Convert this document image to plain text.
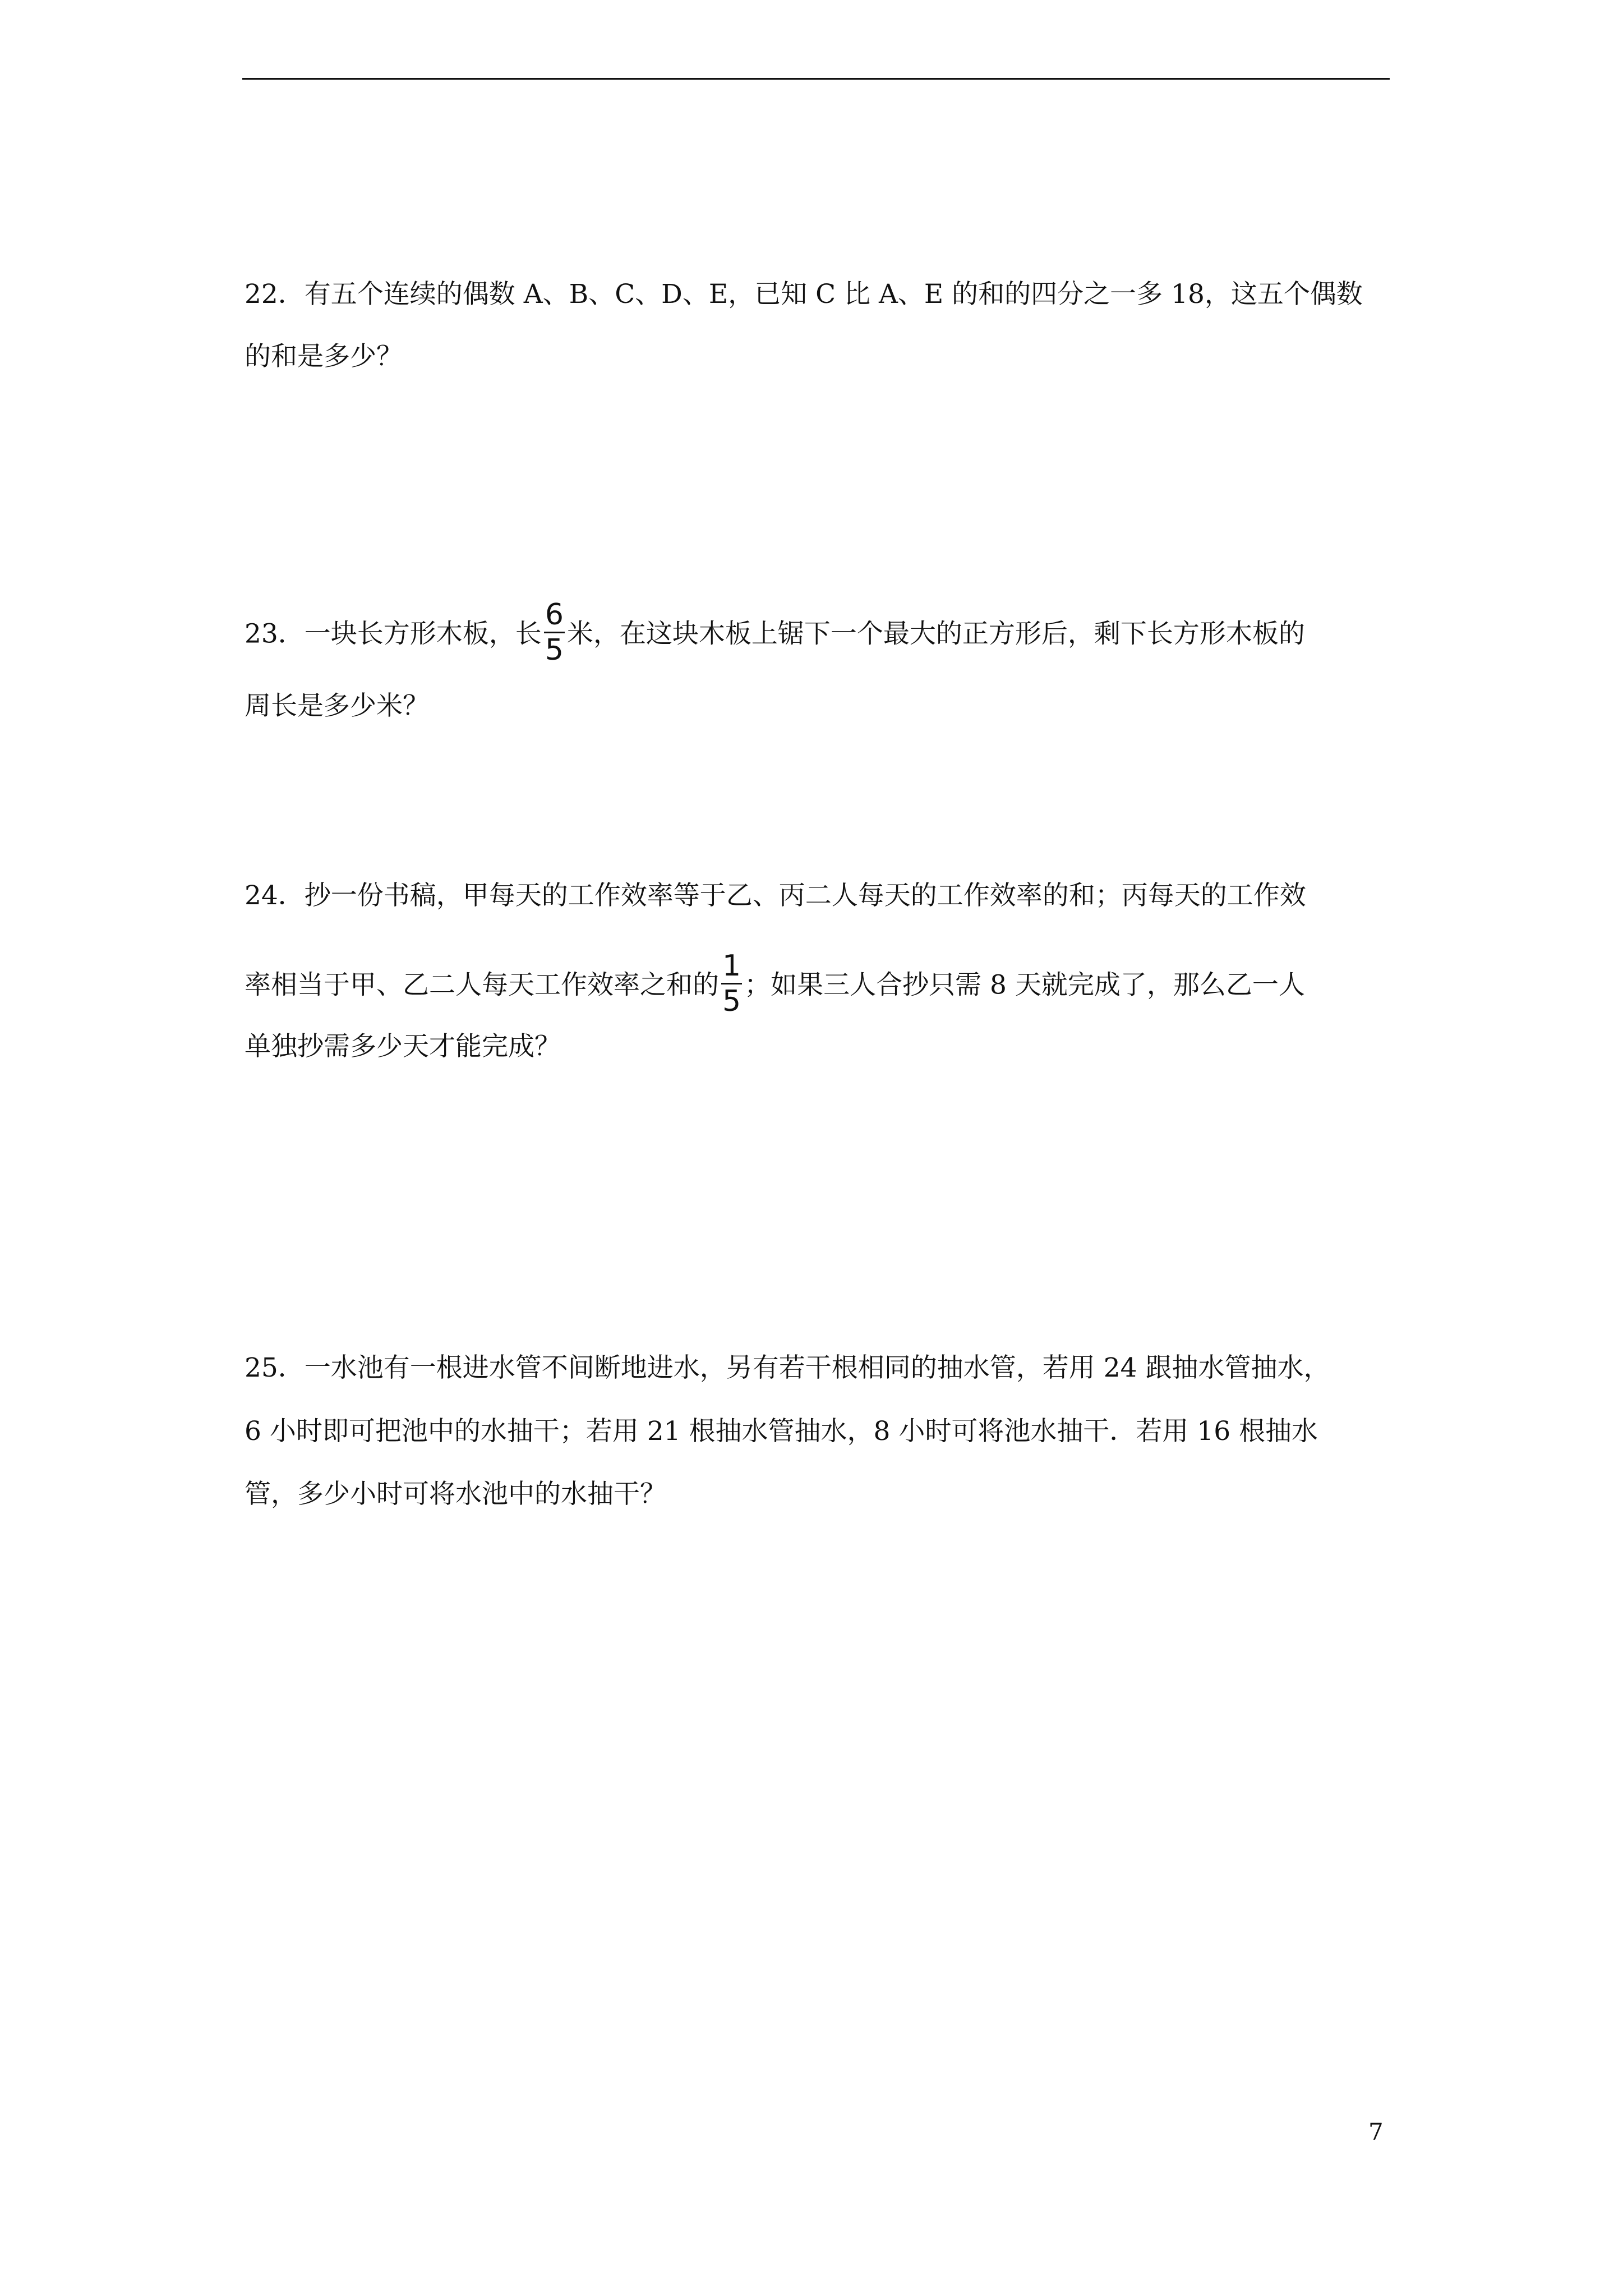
22．有五个连续的偶数 A、B、C、D、E，已知 C 比 A、E 的和的四分之一多 18，这五个偶数
的和是多少？
23．一块长方形木板，长 $\frac{6}{5}$ 米，在这块木板上锯下一个最大的正方形后，剩下长方形木板的
周长是多少米？
24．抄一份书稿，甲每天的工作效率等于乙、丙二人每天的工作效率的和；丙每天的工作效
率相当于甲、乙二人每天工作效率之和的 $\frac{1}{5}$ ；如果三人合抄只需 8 天就完成了，那么乙一人
单独抄需多少天才能完成？
25．一水池有一根进水管不间断地进水，另有若干根相同的抽水管，若用 24 跟抽水管抽水，
6 小时即可把池中的水抽干；若用 21 根抽水管抽水，8 小时可将池水抽干．若用 16 根抽水
管，多少小时可将水池中的水抽干？
7
